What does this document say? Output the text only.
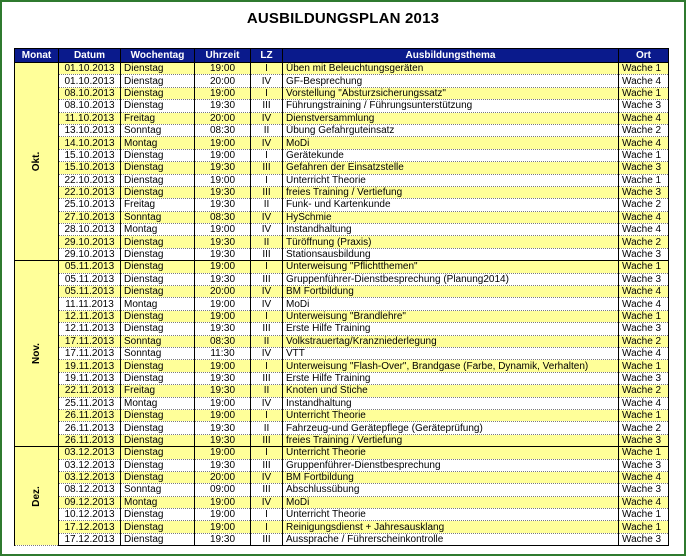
AUSBILDUNGSPLAN 2013
Monat	Datum	Wochentag	Uhrzeit	LZ	Ausbildungsthema	Ort
Okt.	01.10.2013	Dienstag	19:00	I	Üben mit Beleuchtungsgeräten	Wache 1
	01.10.2013	Dienstag	20:00	IV	GF-Besprechung	Wache 4
	08.10.2013	Dienstag	19:00	I	Vorstellung "Absturzsicherungssatz"	Wache 1
	08.10.2013	Dienstag	19:30	III	Führungstraining / Führungsunterstützung	Wache 3
	11.10.2013	Freitag	20:00	IV	Dienstversammlung	Wache 4
	13.10.2013	Sonntag	08:30	II	Übung Gefahrguteinsatz	Wache 2
	14.10.2013	Montag	19:00	IV	MoDi	Wache 4
	15.10.2013	Dienstag	19:00	I	Gerätekunde	Wache 1
	15.10.2013	Dienstag	19:30	III	Gefahren der Einsatzstelle	Wache 3
	22.10.2013	Dienstag	19:00	I	Unterricht Theorie	Wache 1
	22.10.2013	Dienstag	19:30	III	freies Training / Vertiefung	Wache 3
	25.10.2013	Freitag	19:30	II	Funk- und Kartenkunde	Wache 2
	27.10.2013	Sonntag	08:30	IV	HySchmie	Wache 4
	28.10.2013	Montag	19:00	IV	Instandhaltung	Wache 4
	29.10.2013	Dienstag	19:30	II	Türöffnung (Praxis)	Wache 2
	29.10.2013	Dienstag	19:30	III	Stationsausbildung	Wache 3
Nov.	05.11.2013	Dienstag	19:00	I	Unterweisung "Pflichtthemen"	Wache 1
	05.11.2013	Dienstag	19:30	III	Gruppenführer-Dienstbesprechung (Planung2014)	Wache 3
	05.11.2013	Dienstag	20:00	IV	BM Fortbildung	Wache 4
	11.11.2013	Montag	19:00	IV	MoDi	Wache 4
	12.11.2013	Dienstag	19:00	I	Unterweisung "Brandlehre"	Wache 1
	12.11.2013	Dienstag	19:30	III	Erste Hilfe Training	Wache 3
	17.11.2013	Sonntag	08:30	II	Volkstrauertag/Kranzniederlegung	Wache 2
	17.11.2013	Sonntag	11:30	IV	VTT	Wache 4
	19.11.2013	Dienstag	19:00	I	Unterweisung "Flash-Over", Brandgase (Farbe, Dynamik, Verhalten)	Wache 1
	19.11.2013	Dienstag	19:30	III	Erste Hilfe Training	Wache 3
	22.11.2013	Freitag	19:30	II	Knoten und Stiche	Wache 2
	25.11.2013	Montag	19:00	IV	Instandhaltung	Wache 4
	26.11.2013	Dienstag	19:00	I	Unterricht Theorie	Wache 1
	26.11.2013	Dienstag	19:30	II	Fahrzeug-und Gerätepflege (Geräteprüfung)	Wache 2
	26.11.2013	Dienstag	19:30	III	freies Training / Vertiefung	Wache 3
Dez.	03.12.2013	Dienstag	19:00	I	Unterricht Theorie	Wache 1
	03.12.2013	Dienstag	19:30	III	Gruppenführer-Dienstbesprechung	Wache 3
	03.12.2013	Dienstag	20:00	IV	BM Fortbildung	Wache 4
	08.12.2013	Sonntag	09:00	III	Abschlussübung	Wache 3
	09.12.2013	Montag	19:00	IV	MoDi	Wache 4
	10.12.2013	Dienstag	19:00	I	Unterricht Theorie	Wache 1
	17.12.2013	Dienstag	19:00	I	Reinigungsdienst + Jahresausklang	Wache 1
	17.12.2013	Dienstag	19:30	III	Aussprache / Führerscheinkontrolle	Wache 3
